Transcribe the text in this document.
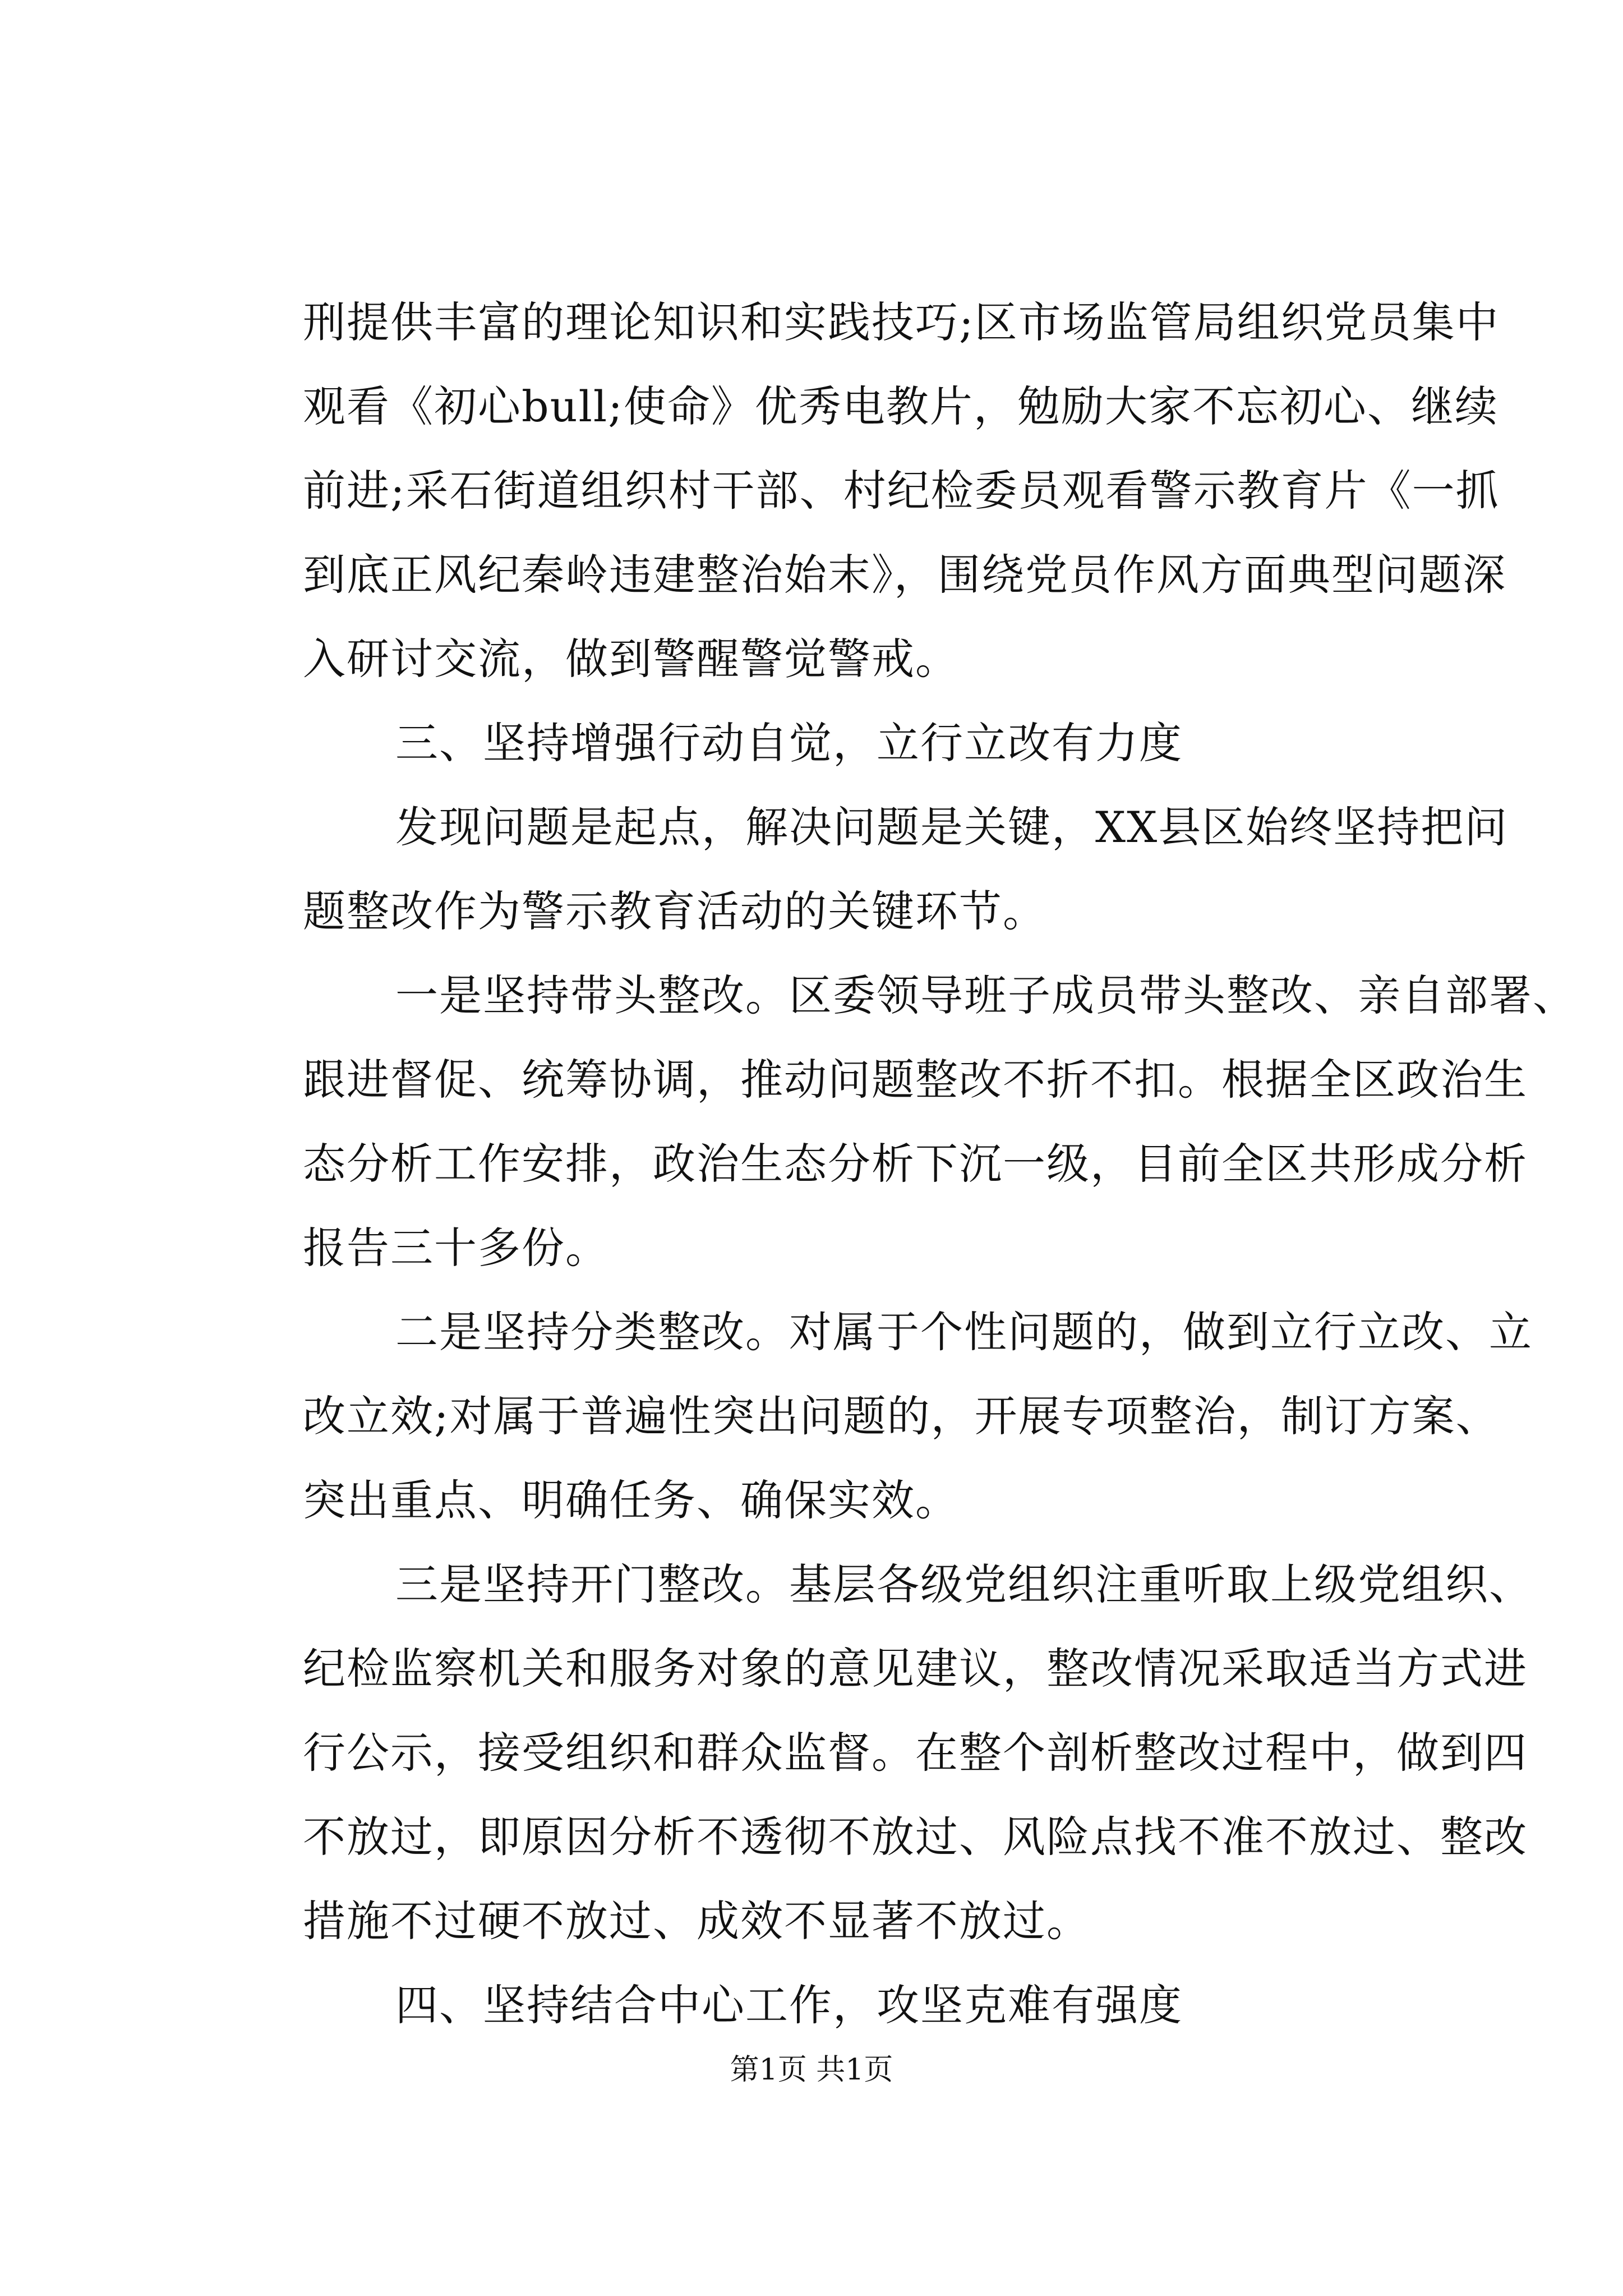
刑提供丰富的理论知识和实践技巧;区市场监管局组织党员集中
观看《初心bull;使命》优秀电教片，勉励大家不忘初心、继续
前进;采石街道组织村干部、村纪检委员观看警示教育片《一抓
到底正风纪秦岭违建整治始末》，围绕党员作风方面典型问题深
入研讨交流，做到警醒警觉警戒。
三、坚持增强行动自觉，立行立改有力度
发现问题是起点，解决问题是关键，XX县区始终坚持把问
题整改作为警示教育活动的关键环节。
一是坚持带头整改。区委领导班子成员带头整改、亲自部署、
跟进督促、统筹协调，推动问题整改不折不扣。根据全区政治生
态分析工作安排，政治生态分析下沉一级，目前全区共形成分析
报告三十多份。
二是坚持分类整改。对属于个性问题的，做到立行立改、立
改立效;对属于普遍性突出问题的，开展专项整治，制订方案、
突出重点、明确任务、确保实效。
三是坚持开门整改。基层各级党组织注重听取上级党组织、
纪检监察机关和服务对象的意见建议，整改情况采取适当方式进
行公示，接受组织和群众监督。在整个剖析整改过程中，做到四
不放过，即原因分析不透彻不放过、风险点找不准不放过、整改
措施不过硬不放过、成效不显著不放过。
四、坚持结合中心工作，攻坚克难有强度
第1页 共1页
